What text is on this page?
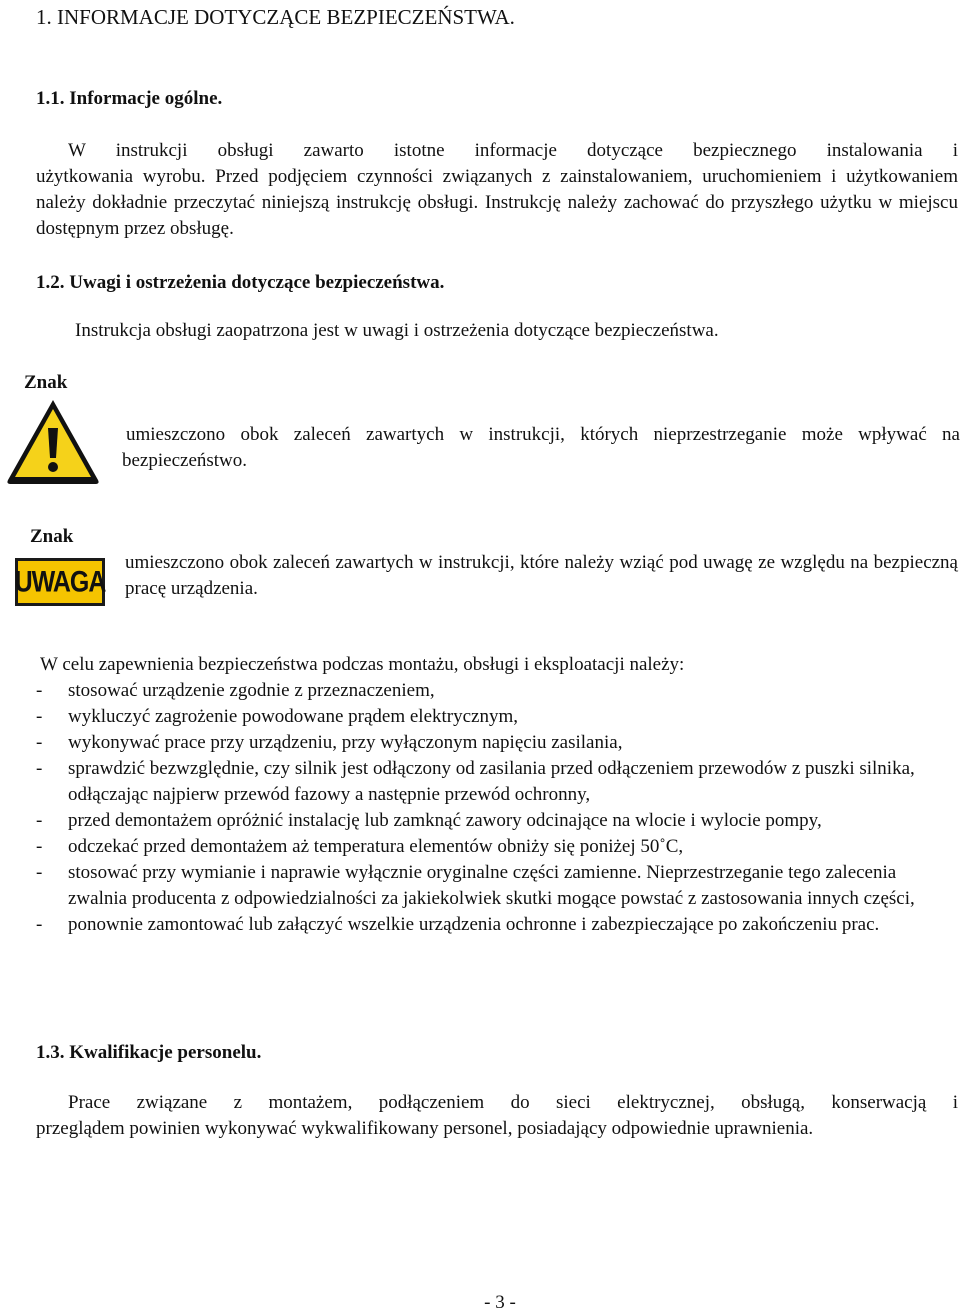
1. INFORMACJE DOTYCZĄCE BEZPIECZEŃSTWA.
1.1. Informacje ogólne.
W instrukcji obsługi zawarto istotne informacje dotyczące bezpiecznego instalowania i
użytkowania wyrobu. Przed podjęciem czynności związanych z zainstalowaniem, uruchomieniem i użytkowaniem należy dokładnie przeczytać niniejszą instrukcję obsługi. Instrukcję należy zachować do przyszłego użytku w miejscu dostępnym przez obsługę.
1.2. Uwagi i ostrzeżenia dotyczące bezpieczeństwa.
Instrukcja obsługi zaopatrzona jest w uwagi i ostrzeżenia dotyczące bezpieczeństwa.
Znak
umieszczono obok zaleceń zawartych w instrukcji, których nieprzestrzeganie może wpływać na bezpieczeństwo.
Znak
UWAGA
umieszczono obok zaleceń zawartych w instrukcji, które należy wziąć pod uwagę ze względu na bezpieczną pracę urządzenia.
W celu zapewnienia bezpieczeństwa podczas montażu, obsługi i eksploatacji należy:
-	stosować urządzenie zgodnie z przeznaczeniem,
-	wykluczyć zagrożenie powodowane prądem elektrycznym,
-	wykonywać prace przy urządzeniu, przy wyłączonym napięciu zasilania,
-	sprawdzić bezwzględnie, czy silnik jest odłączony od zasilania przed odłączeniem przewodów z puszki silnika, odłączając najpierw przewód fazowy a następnie przewód ochronny,
-	przed demontażem opróżnić instalację lub zamknąć zawory odcinające na wlocie i wylocie pompy,
-	odczekać przed demontażem aż temperatura elementów obniży się poniżej 50˚C,
-	stosować przy wymianie i naprawie wyłącznie oryginalne części zamienne. Nieprzestrzeganie tego zalecenia zwalnia producenta z odpowiedzialności za jakiekolwiek skutki mogące powstać z zastosowania innych części,
-	ponownie zamontować lub załączyć wszelkie urządzenia ochronne i zabezpieczające po zakończeniu prac.
1.3. Kwalifikacje personelu.
Prace związane z montażem, podłączeniem do sieci elektrycznej, obsługą, konserwacją i
przeglądem powinien wykonywać wykwalifikowany personel, posiadający odpowiednie uprawnienia.
- 3 -
